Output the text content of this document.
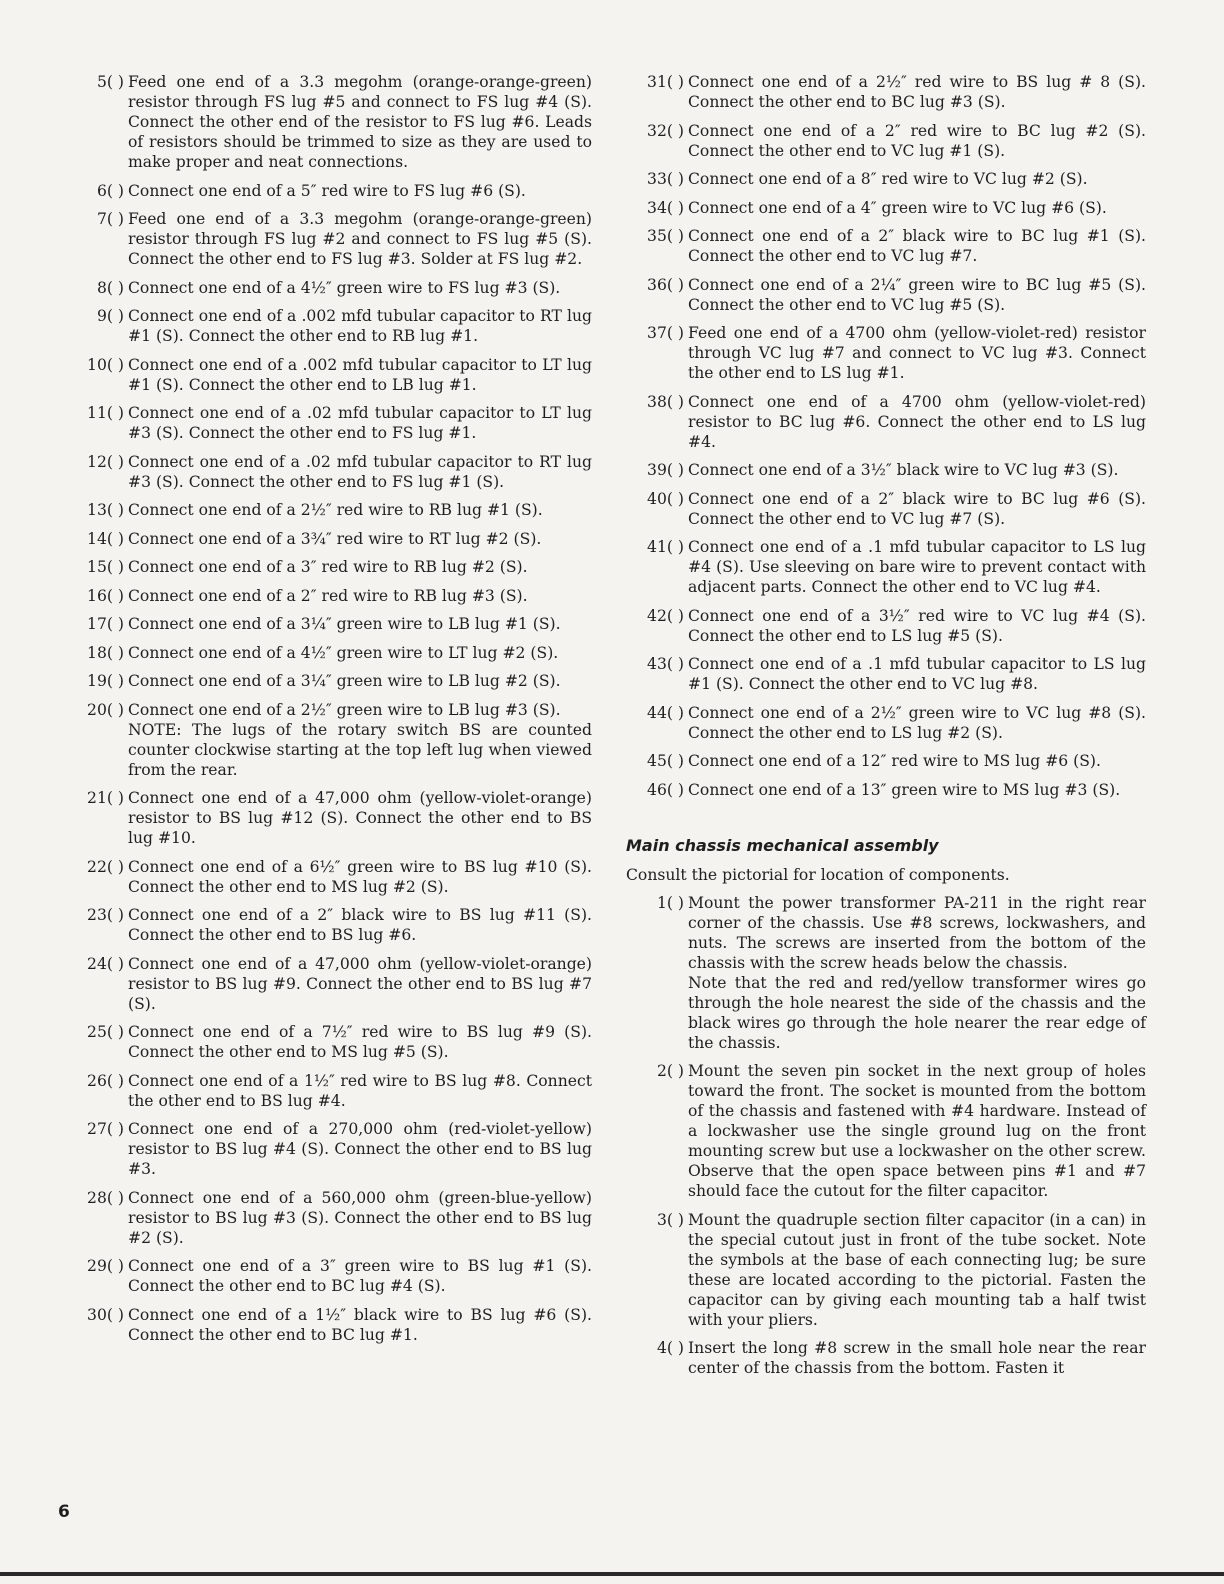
5( ) Feed one end of a 3.3 megohm (orange-orange-green) resistor through FS lug #5 and connect to FS lug #4 (S). Connect the other end of the resistor to FS lug #6. Leads of resistors should be trimmed to size as they are used to make proper and neat connections.
6( ) Connect one end of a 5″ red wire to FS lug #6 (S).
7( ) Feed one end of a 3.3 megohm (orange-orange-green) resistor through FS lug #2 and connect to FS lug #5 (S). Connect the other end to FS lug #3. Solder at FS lug #2.
8( ) Connect one end of a 4½″ green wire to FS lug #3 (S).
9( ) Connect one end of a .002 mfd tubular capacitor to RT lug #1 (S). Connect the other end to RB lug #1.
10( ) Connect one end of a .002 mfd tubular capacitor to LT lug #1 (S). Connect the other end to LB lug #1.
11( ) Connect one end of a .02 mfd tubular capacitor to LT lug #3 (S). Connect the other end to FS lug #1.
12( ) Connect one end of a .02 mfd tubular capacitor to RT lug #3 (S). Connect the other end to FS lug #1 (S).
13( ) Connect one end of a 2½″ red wire to RB lug #1 (S).
14( ) Connect one end of a 3¾″ red wire to RT lug #2 (S).
15( ) Connect one end of a 3″ red wire to RB lug #2 (S).
16( ) Connect one end of a 2″ red wire to RB lug #3 (S).
17( ) Connect one end of a 3¼″ green wire to LB lug #1 (S).
18( ) Connect one end of a 4½″ green wire to LT lug #2 (S).
19( ) Connect one end of a 3¼″ green wire to LB lug #2 (S).
20( ) Connect one end of a 2½″ green wire to LB lug #3 (S).
NOTE: The lugs of the rotary switch BS are counted counter clockwise starting at the top left lug when viewed from the rear.
21( ) Connect one end of a 47,000 ohm (yellow-violet-orange) resistor to BS lug #12 (S). Connect the other end to BS lug #10.
22( ) Connect one end of a 6½″ green wire to BS lug #10 (S). Connect the other end to MS lug #2 (S).
23( ) Connect one end of a 2″ black wire to BS lug #11 (S). Connect the other end to BS lug #6.
24( ) Connect one end of a 47,000 ohm (yellow-violet-orange) resistor to BS lug #9. Connect the other end to BS lug #7 (S).
25( ) Connect one end of a 7½″ red wire to BS lug #9 (S). Connect the other end to MS lug #5 (S).
26( ) Connect one end of a 1½″ red wire to BS lug #8. Connect the other end to BS lug #4.
27( ) Connect one end of a 270,000 ohm (red-violet-yellow) resistor to BS lug #4 (S). Connect the other end to BS lug #3.
28( ) Connect one end of a 560,000 ohm (green-blue-yellow) resistor to BS lug #3 (S). Connect the other end to BS lug #2 (S).
29( ) Connect one end of a 3″ green wire to BS lug #1 (S). Connect the other end to BC lug #4 (S).
30( ) Connect one end of a 1½″ black wire to BS lug #6 (S). Connect the other end to BC lug #1.
31( ) Connect one end of a 2½″ red wire to BS lug # 8 (S). Connect the other end to BC lug #3 (S).
32( ) Connect one end of a 2″ red wire to BC lug #2 (S). Connect the other end to VC lug #1 (S).
33( ) Connect one end of a 8″ red wire to VC lug #2 (S).
34( ) Connect one end of a 4″ green wire to VC lug #6 (S).
35( ) Connect one end of a 2″ black wire to BC lug #1 (S). Connect the other end to VC lug #7.
36( ) Connect one end of a 2¼″ green wire to BC lug #5 (S). Connect the other end to VC lug #5 (S).
37( ) Feed one end of a 4700 ohm (yellow-violet-red) resistor through VC lug #7 and connect to VC lug #3. Connect the other end to LS lug #1.
38( ) Connect one end of a 4700 ohm (yellow-violet-red) resistor to BC lug #6. Connect the other end to LS lug #4.
39( ) Connect one end of a 3½″ black wire to VC lug #3 (S).
40( ) Connect one end of a 2″ black wire to BC lug #6 (S). Connect the other end to VC lug #7 (S).
41( ) Connect one end of a .1 mfd tubular capacitor to LS lug #4 (S). Use sleeving on bare wire to prevent contact with adjacent parts. Connect the other end to VC lug #4.
42( ) Connect one end of a 3½″ red wire to VC lug #4 (S). Connect the other end to LS lug #5 (S).
43( ) Connect one end of a .1 mfd tubular capacitor to LS lug #1 (S). Connect the other end to VC lug #8.
44( ) Connect one end of a 2½″ green wire to VC lug #8 (S). Connect the other end to LS lug #2 (S).
45( ) Connect one end of a 12″ red wire to MS lug #6 (S).
46( ) Connect one end of a 13″ green wire to MS lug #3 (S).
Main chassis mechanical assembly
Consult the pictorial for location of components.
1( ) Mount the power transformer PA-211 in the right rear corner of the chassis. Use #8 screws, lockwashers, and nuts. The screws are inserted from the bottom of the chassis with the screw heads below the chassis.
Note that the red and red/yellow transformer wires go through the hole nearest the side of the chassis and the black wires go through the hole nearer the rear edge of the chassis.
2( ) Mount the seven pin socket in the next group of holes toward the front. The socket is mounted from the bottom of the chassis and fastened with #4 hardware. Instead of a lockwasher use the single ground lug on the front mounting screw but use a lockwasher on the other screw. Observe that the open space between pins #1 and #7 should face the cutout for the filter capacitor.
3( ) Mount the quadruple section filter capacitor (in a can) in the special cutout just in front of the tube socket. Note the symbols at the base of each connecting lug; be sure these are located according to the pictorial. Fasten the capacitor can by giving each mounting tab a half twist with your pliers.
4( ) Insert the long #8 screw in the small hole near the rear center of the chassis from the bottom. Fasten it
6
